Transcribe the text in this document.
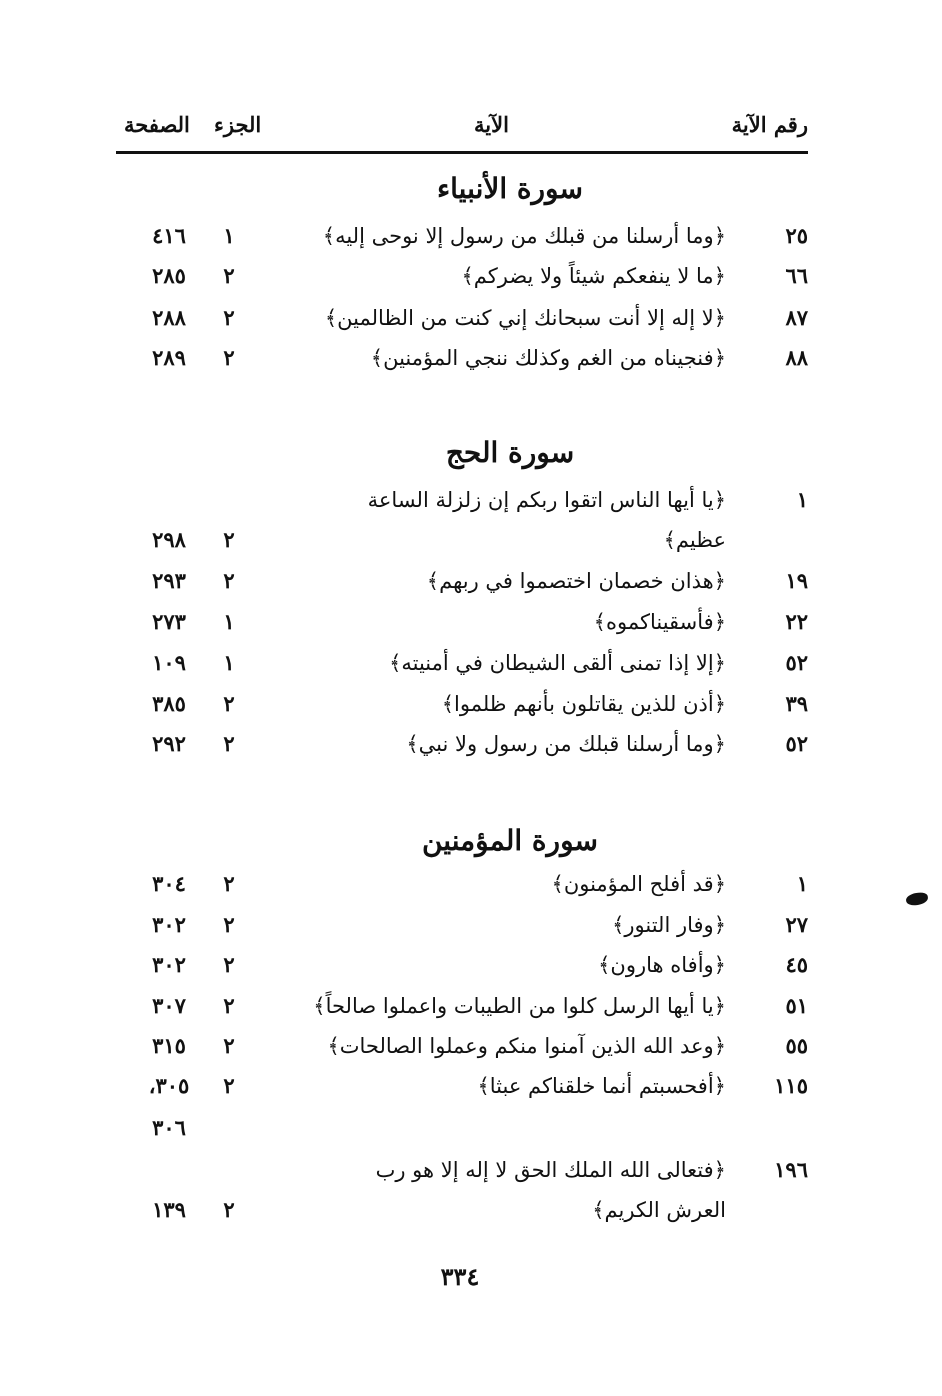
رقم الآية
الآية
الجزء
الصفحة
سورة الأنبياء
٢٥
﴿وما أرسلنا من قبلك من رسول إلا نوحى إليه﴾
١
٤١٦
٦٦
﴿ما لا ينفعكم شيئاً ولا يضركم﴾
٢
٢٨٥
٨٧
﴿لا إله إلا أنت سبحانك إني كنت من الظالمين﴾
٢
٢٨٨
٨٨
﴿فنجيناه من الغم وكذلك ننجي المؤمنين﴾
٢
٢٨٩
سورة الحج
١
﴿يا أيها الناس اتقوا ربكم إن زلزلة الساعة
عظيم﴾
٢
٢٩٨
١٩
﴿هذان خصمان اختصموا في ربهم﴾
٢
٢٩٣
٢٢
﴿فأسقيناكموه﴾
١
٢٧٣
٥٢
﴿إلا إذا تمنى ألقى الشيطان في أمنيته﴾
١
١٠٩
٣٩
﴿أذن للذين يقاتلون بأنهم ظلموا﴾
٢
٣٨٥
٥٢
﴿وما أرسلنا قبلك من رسول ولا نبي﴾
٢
٢٩٢
سورة المؤمنين
١
﴿قد أفلح المؤمنون﴾
٢
٣٠٤
٢٧
﴿وفار التنور﴾
٢
٣٠٢
٤٥
﴿وأفاه هارون﴾
٢
٣٠٢
٥١
﴿يا أيها الرسل كلوا من الطيبات واعملوا صالحاً﴾
٢
٣٠٧
٥٥
﴿وعد الله الذين آمنوا منكم وعملوا الصالحات﴾
٢
٣١٥
١١٥
﴿أفحسبتم أنما خلقناكم عبثا﴾
٢
٣٠٥،
٣٠٦
١٩٦
﴿فتعالى الله الملك الحق لا إله إلا هو رب
العرش الكريم﴾
٢
١٣٩
٣٣٤
